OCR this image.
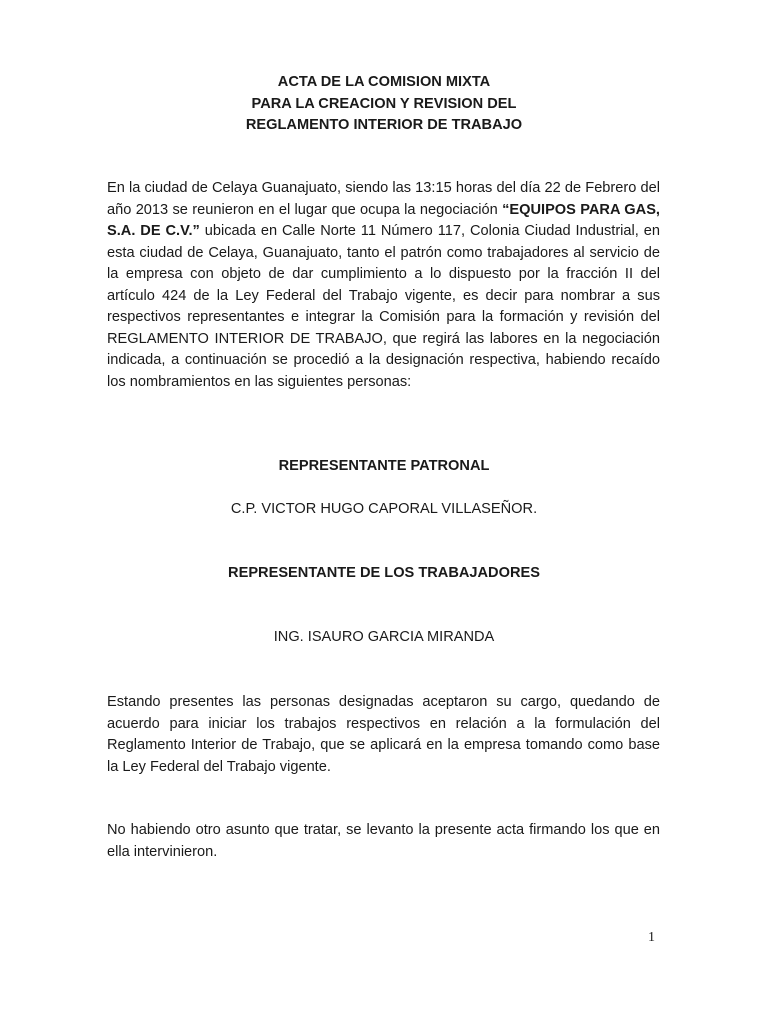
ACTA DE LA COMISION MIXTA
PARA LA CREACION Y REVISION DEL
REGLAMENTO INTERIOR DE TRABAJO
En la ciudad de Celaya Guanajuato, siendo las 13:15 horas del día 22 de Febrero del año 2013 se reunieron en el lugar que ocupa la negociación “EQUIPOS PARA GAS, S.A. DE C.V.” ubicada en Calle Norte 11 Número 117, Colonia Ciudad Industrial, en esta ciudad de Celaya, Guanajuato, tanto el patrón como trabajadores al servicio de la empresa con objeto de dar cumplimiento a lo dispuesto por la fracción II del artículo 424 de la Ley Federal del Trabajo vigente, es decir para nombrar a sus respectivos representantes e integrar la Comisión para la formación y revisión del REGLAMENTO INTERIOR DE TRABAJO, que regirá las labores en la negociación indicada, a continuación se procedió a la designación respectiva, habiendo recaído los nombramientos en las siguientes personas:
REPRESENTANTE PATRONAL
C.P. VICTOR HUGO CAPORAL VILLASEÑOR.
REPRESENTANTE DE LOS TRABAJADORES
ING. ISAURO GARCIA MIRANDA
Estando presentes las personas designadas aceptaron su cargo, quedando de acuerdo para iniciar los trabajos respectivos en relación a la formulación del Reglamento Interior de Trabajo, que se aplicará en la empresa tomando como base la Ley Federal del Trabajo vigente.
No habiendo otro asunto que tratar, se levanto la presente acta firmando los que en ella intervinieron.
1
